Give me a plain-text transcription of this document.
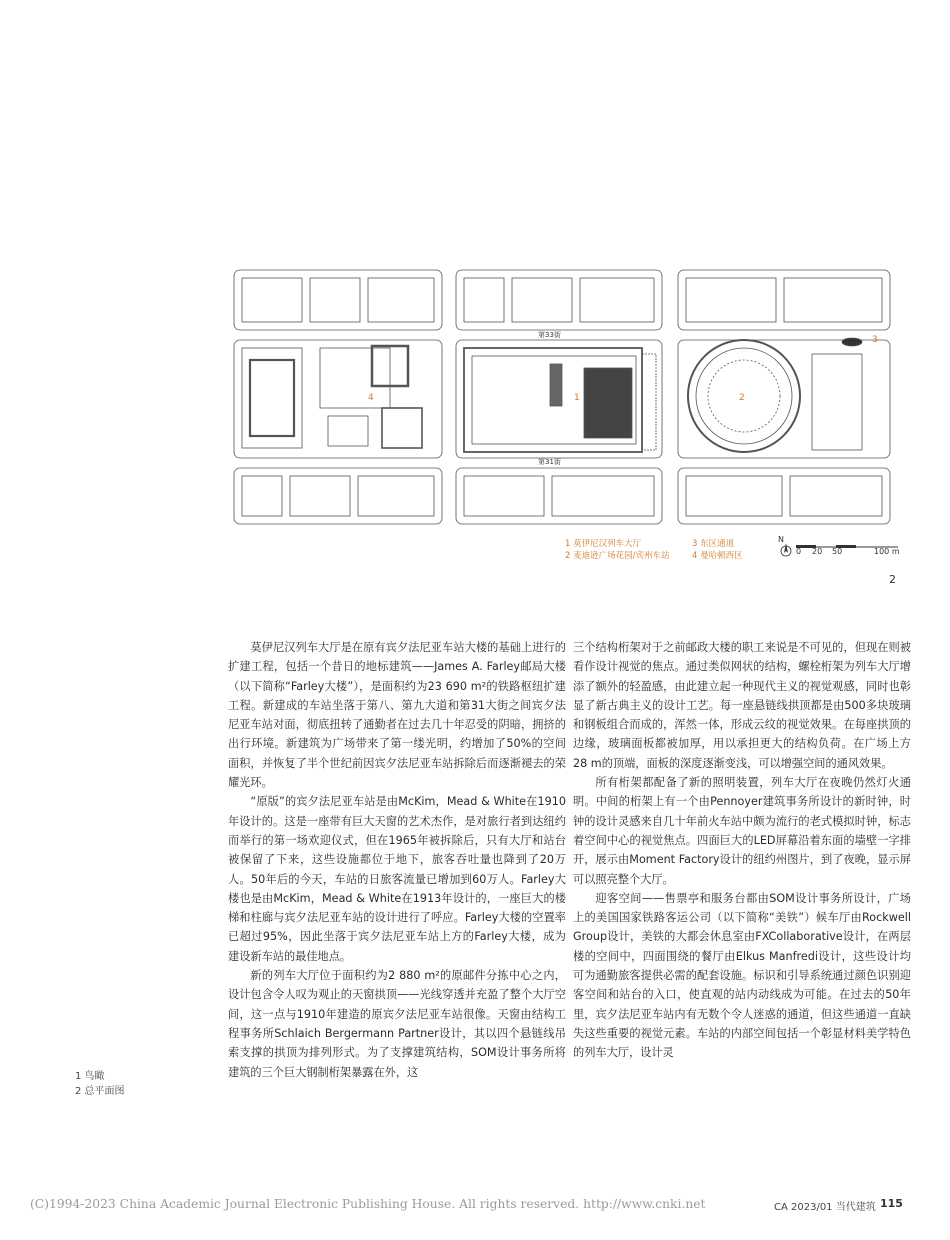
第33街
第31街
1	2
3
4
1 莫伊尼汉列车大厅	3 东区通道
2 麦迪逊广场花园/宾州车站	4 曼哈顿西区
N
0 20 50	100 m
2

莫伊尼汉列车大厅是在原有宾夕法尼亚车站大楼的基础上进行的扩建工程，包括一个昔日的地标建筑——James A. Farley邮局大楼（以下简称“Farley大楼”），是面积约为23 690 m²的铁路枢纽扩建工程。新建成的车站坐落于第八、第九大道和第31大街之间宾夕法尼亚车站对面，彻底扭转了通勤者在过去几十年忍受的阴暗，拥挤的出行环境。新建筑为广场带来了第一缕光明，约增加了50%的空间面积，并恢复了半个世纪前因宾夕法尼亚车站拆除后而逐渐褪去的荣耀光环。

“原版”的宾夕法尼亚车站是由McKim，Mead & White在1910年设计的。这是一座带有巨大天窗的艺术杰作，是对旅行者到达纽约而举行的第一场欢迎仪式，但在1965年被拆除后，只有大厅和站台被保留了下来，这些设施都位于地下，旅客吞吐量也降到了20万人。50年后的今天，车站的日旅客流量已增加到60万人。Farley大楼也是由McKim，Mead & White在1913年设计的，一座巨大的楼梯和柱廊与宾夕法尼亚车站的设计进行了呼应。Farley大楼的空置率已超过95%，因此坐落于宾夕法尼亚车站上方的Farley大楼，成为建设新车站的最佳地点。

新的列车大厅位于面积约为2 880 m²的原邮件分拣中心之内，设计包含令人叹为观止的天窗拱顶——光线穿透并充盈了整个大厅空间，这一点与1910年建造的原宾夕法尼亚车站很像。天窗由结构工程事务所Schlaich Bergermann Partner设计，其以四个悬链线吊索支撑的拱顶为排列形式。为了支撑建筑结构，SOM设计事务所将建筑的三个巨大钢制桁架暴露在外，这

三个结构桁架对于之前邮政大楼的职工来说是不可见的，但现在则被看作设计视觉的焦点。通过类似网状的结构，螺栓桁架为列车大厅增添了额外的轻盈感，由此建立起一种现代主义的视觉观感，同时也彰显了新古典主义的设计工艺。每一座悬链线拱顶都是由500多块玻璃和钢板组合而成的，浑然一体，形成云纹的视觉效果。在每座拱顶的边缘，玻璃面板都被加厚，用以承担更大的结构负荷。在广场上方28 m的顶端，面板的深度逐渐变浅，可以增强空间的通风效果。

所有桁架都配备了新的照明装置，列车大厅在夜晚仍然灯火通明。中间的桁架上有一个由Pennoyer建筑事务所设计的新时钟，时钟的设计灵感来自几十年前火车站中颇为流行的老式模拟时钟，标志着空间中心的视觉焦点。四面巨大的LED屏幕沿着东面的墙壁一字排开，展示由Moment Factory设计的纽约州图片，到了夜晚，显示屏可以照亮整个大厅。

迎客空间——售票亭和服务台都由SOM设计事务所设计，广场上的美国国家铁路客运公司（以下简称“美铁”）候车厅由Rockwell Group设计，美铁的大都会休息室由FXCollaborative设计，在两层楼的空间中，四面围绕的餐厅由Elkus Manfredi设计，这些设计均可为通勤旅客提供必需的配套设施。标识和引导系统通过颜色识别迎客空间和站台的入口，使直观的站内动线成为可能。在过去的50年里，宾夕法尼亚车站内有无数个令人迷惑的通道，但这些通道一直缺失这些重要的视觉元素。车站的内部空间包括一个彰显材料美学特色的列车大厅，设计灵

1 鸟瞰
2 总平面图
(C)1994-2023 China Academic Journal Electronic Publishing House. All rights reserved. http://www.cnki.net	CA 2023/01 当代建筑 115
